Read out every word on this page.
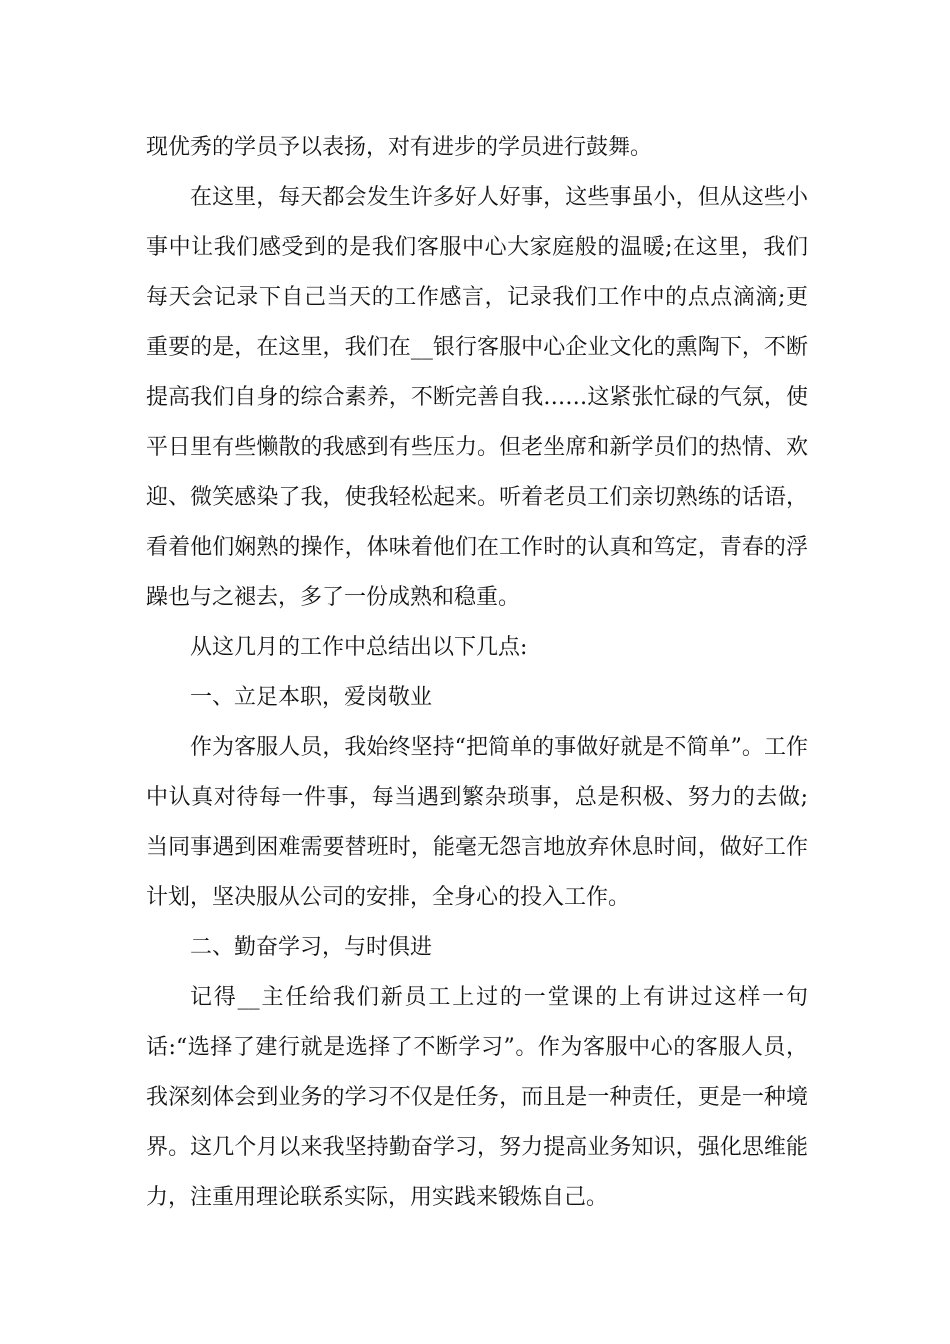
现优秀的学员予以表扬，对有进步的学员进行鼓舞。

在这里，每天都会发生许多好人好事，这些事虽小，但从这些小事中让我们感受到的是我们客服中心大家庭般的温暖;在这里，我们每天会记录下自己当天的工作感言，记录我们工作中的点点滴滴;更重要的是，在这里，我们在__银行客服中心企业文化的熏陶下，不断提高我们自身的综合素养，不断完善自我……这紧张忙碌的气氛，使平日里有些懒散的我感到有些压力。但老坐席和新学员们的热情、欢迎、微笑感染了我，使我轻松起来。听着老员工们亲切熟练的话语，看着他们娴熟的操作，体味着他们在工作时的认真和笃定，青春的浮躁也与之褪去，多了一份成熟和稳重。

从这几月的工作中总结出以下几点:

一、立足本职，爱岗敬业

作为客服人员，我始终坚持“把简单的事做好就是不简单”。工作中认真对待每一件事，每当遇到繁杂琐事，总是积极、努力的去做;当同事遇到困难需要替班时，能毫无怨言地放弃休息时间，做好工作计划，坚决服从公司的安排，全身心的投入工作。

二、勤奋学习，与时俱进

记得__主任给我们新员工上过的一堂课的上有讲过这样一句话:“选择了建行就是选择了不断学习”。作为客服中心的客服人员，我深刻体会到业务的学习不仅是任务，而且是一种责任，更是一种境界。这几个月以来我坚持勤奋学习，努力提高业务知识，强化思维能力，注重用理论联系实际，用实践来锻炼自己。
